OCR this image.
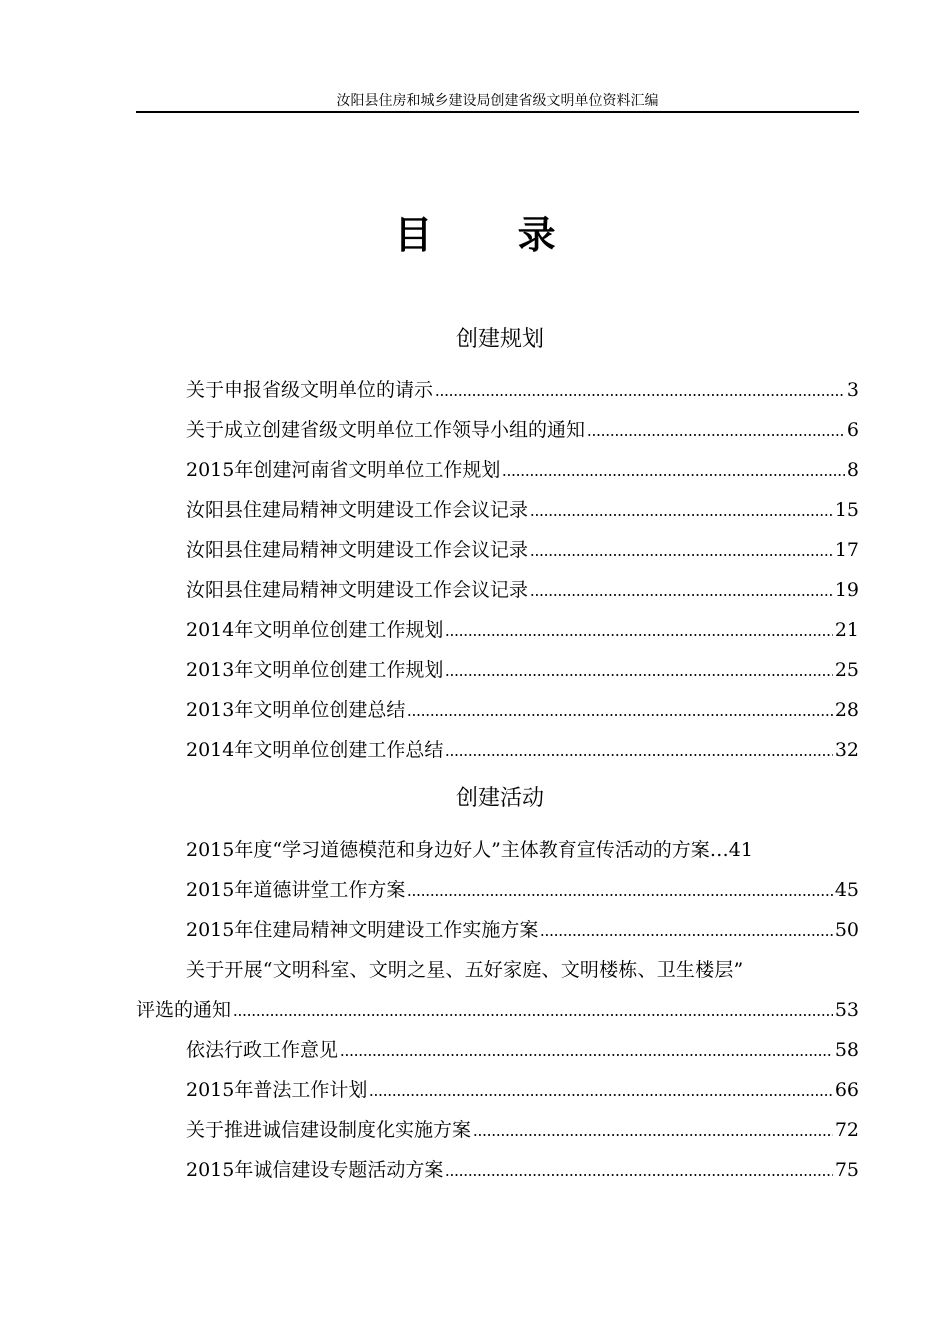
汝阳县住房和城乡建设局创建省级文明单位资料汇编
目 录
创建规划
关于申报省级文明单位的请示	3
关于成立创建省级文明单位工作领导小组的通知	6
2015年创建河南省文明单位工作规划	8
汝阳县住建局精神文明建设工作会议记录	15
汝阳县住建局精神文明建设工作会议记录	17
汝阳县住建局精神文明建设工作会议记录	19
2014年文明单位创建工作规划	21
2013年文明单位创建工作规划	25
2013年文明单位创建总结	28
2014年文明单位创建工作总结	32
创建活动
2015年度“学习道德模范和身边好人”主体教育宣传活动的方案… 41
2015年道德讲堂工作方案	45
2015年住建局精神文明建设工作实施方案	50
关于开展“文明科室、文明之星、五好家庭、文明楼栋、卫生楼层”
评选的通知	53
依法行政工作意见	58
2015年普法工作计划	66
关于推进诚信建设制度化实施方案	72
2015年诚信建设专题活动方案	75
